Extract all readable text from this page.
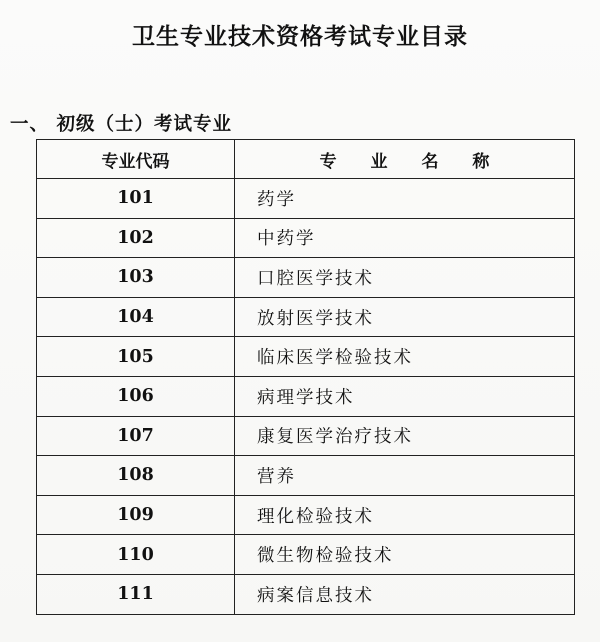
卫生专业技术资格考试专业目录
一、 初级（士）考试专业
专业代码	专 业 名 称
101	药学
102	中药学
103	口腔医学技术
104	放射医学技术
105	临床医学检验技术
106	病理学技术
107	康复医学治疗技术
108	营养
109	理化检验技术
110	微生物检验技术
111	病案信息技术
